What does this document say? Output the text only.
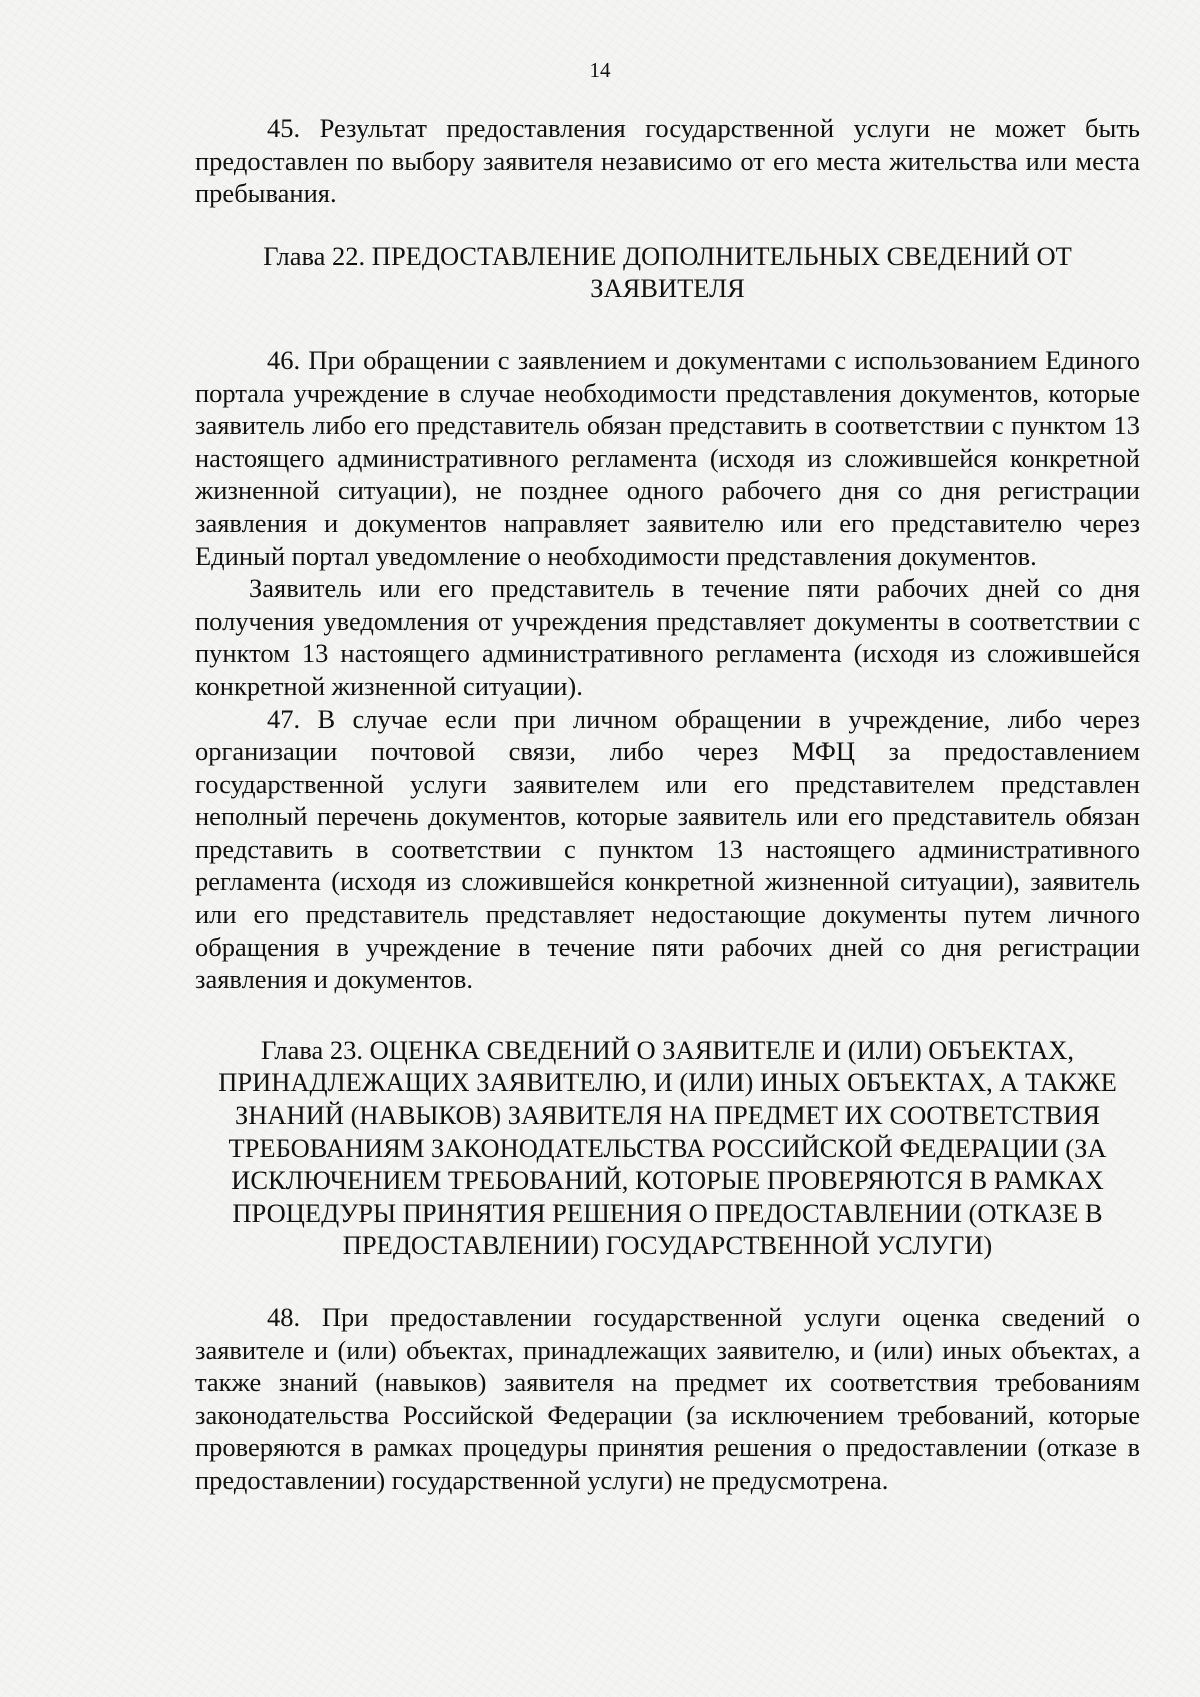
14

45. Результат предоставления государственной услуги не может быть предоставлен по выбору заявителя независимо от его места жительства или места пребывания.

Глава 22. ПРЕДОСТАВЛЕНИЕ ДОПОЛНИТЕЛЬНЫХ СВЕДЕНИЙ ОТ ЗАЯВИТЕЛЯ

46. При обращении с заявлением и документами с использованием Единого портала учреждение в случае необходимости представления документов, которые заявитель либо его представитель обязан представить в соответствии с пунктом 13 настоящего административного регламента (исходя из сложившейся конкретной жизненной ситуации), не позднее одного рабочего дня со дня регистрации заявления и документов направляет заявителю или его представителю через Единый портал уведомление о необходимости представления документов.

Заявитель или его представитель в течение пяти рабочих дней со дня получения уведомления от учреждения представляет документы в соответствии с пунктом 13 настоящего административного регламента (исходя из сложившейся конкретной жизненной ситуации).

47. В случае если при личном обращении в учреждение, либо через организации почтовой связи, либо через МФЦ за предоставлением государственной услуги заявителем или его представителем представлен неполный перечень документов, которые заявитель или его представитель обязан представить в соответствии с пунктом 13 настоящего административного регламента (исходя из сложившейся конкретной жизненной ситуации), заявитель или его представитель представляет недостающие документы путем личного обращения в учреждение в течение пяти рабочих дней со дня регистрации заявления и документов.

Глава 23. ОЦЕНКА СВЕДЕНИЙ О ЗАЯВИТЕЛЕ И (ИЛИ) ОБЪЕКТАХ, ПРИНАДЛЕЖАЩИХ ЗАЯВИТЕЛЮ, И (ИЛИ) ИНЫХ ОБЪЕКТАХ, А ТАКЖЕ ЗНАНИЙ (НАВЫКОВ) ЗАЯВИТЕЛЯ НА ПРЕДМЕТ ИХ СООТВЕТСТВИЯ ТРЕБОВАНИЯМ ЗАКОНОДАТЕЛЬСТВА РОССИЙСКОЙ ФЕДЕРАЦИИ (ЗА ИСКЛЮЧЕНИЕМ ТРЕБОВАНИЙ, КОТОРЫЕ ПРОВЕРЯЮТСЯ В РАМКАХ ПРОЦЕДУРЫ ПРИНЯТИЯ РЕШЕНИЯ О ПРЕДОСТАВЛЕНИИ (ОТКАЗЕ В ПРЕДОСТАВЛЕНИИ) ГОСУДАРСТВЕННОЙ УСЛУГИ)

48. При предоставлении государственной услуги оценка сведений о заявителе и (или) объектах, принадлежащих заявителю, и (или) иных объектах, а также знаний (навыков) заявителя на предмет их соответствия требованиям законодательства Российской Федерации (за исключением требований, которые проверяются в рамках процедуры принятия решения о предоставлении (отказе в предоставлении) государственной услуги) не предусмотрена.
